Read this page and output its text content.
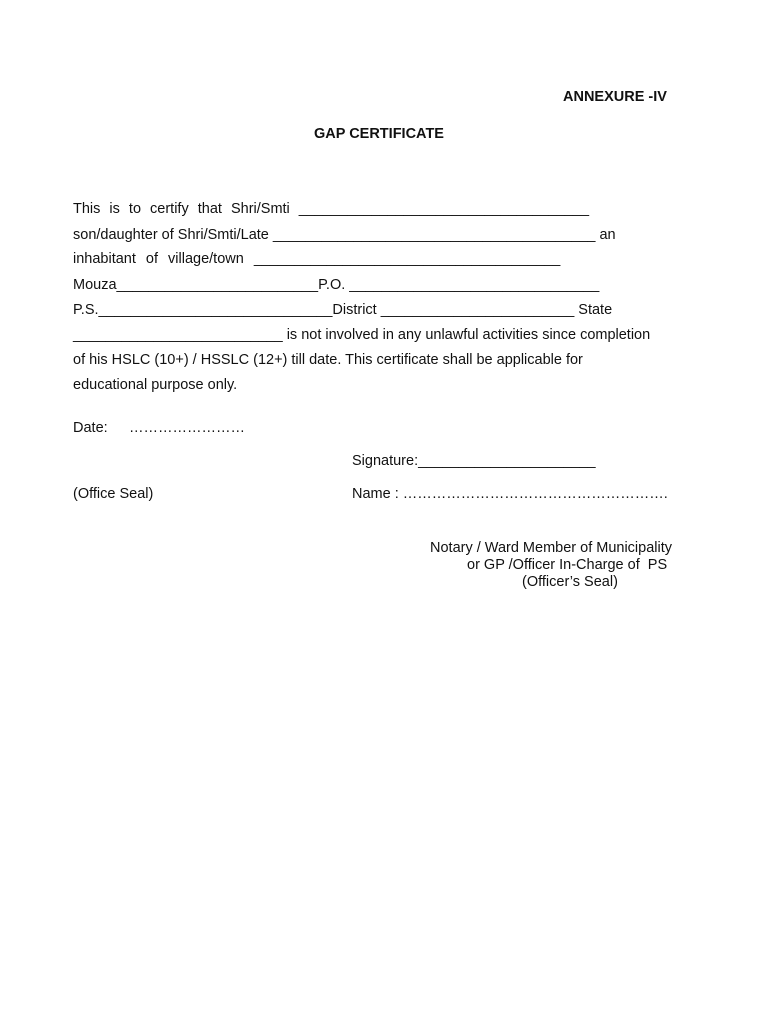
ANNEXURE -IV
GAP CERTIFICATE
This is to certify that Shri/Smti ____________________________________
son/daughter of Shri/Smti/Late ________________________________________ an
inhabitant of village/town ______________________________________
Mouza_________________________P.O. _______________________________
P.S._____________________________District ________________________ State
__________________________ is not involved in any unlawful activities since completion
of his HSLC (10+) / HSSLC (12+) till date. This certificate shall be applicable for
educational purpose only.
Date: ……………………
Signature:______________________
(Office Seal)	Name : ……………………………………………….
Notary / Ward Member of Municipality
or GP /Officer In-Charge of  PS
(Officer’s Seal)
